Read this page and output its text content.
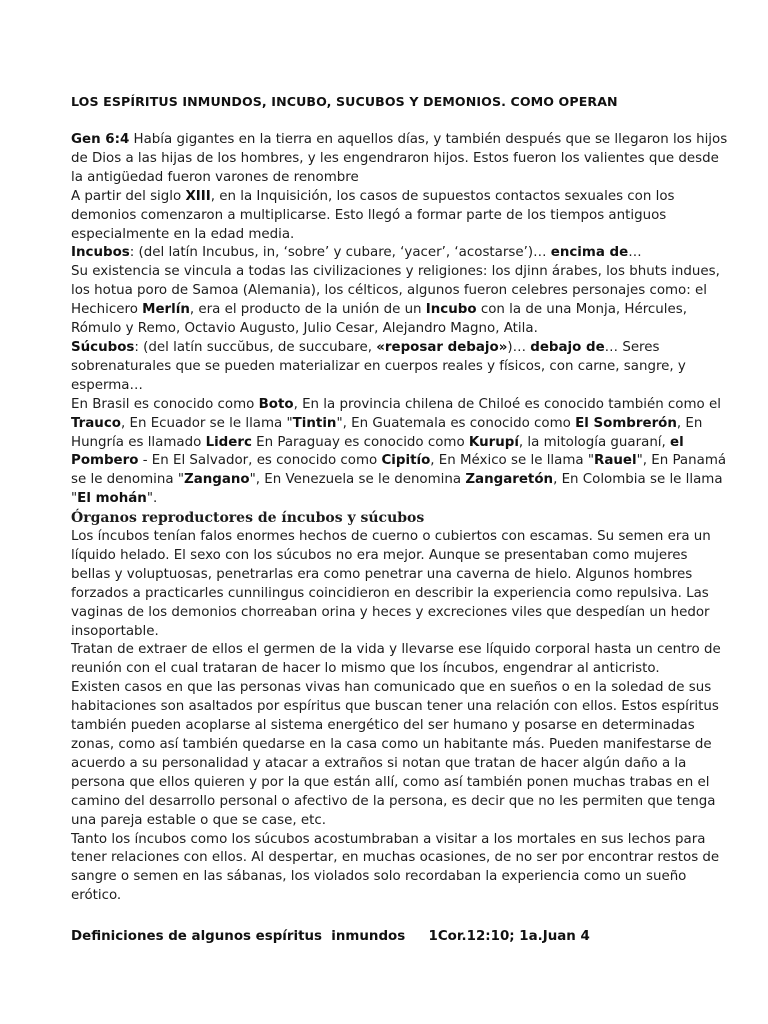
LOS ESPÍRITUS INMUNDOS, INCUBO, SUCUBOS Y DEMONIOS. COMO OPERAN

Gen 6:4 Había gigantes en la tierra en aquellos días, y también después que se llegaron los hijos de Dios a las hijas de los hombres, y les engendraron hijos. Estos fueron los valientes que desde la antigüedad fueron varones de renombre

A partir del siglo XIII, en la Inquisición, los casos de supuestos contactos sexuales con los demonios comenzaron a multiplicarse. Esto llegó a formar parte de los tiempos antiguos especialmente en la edad media.

Incubos: (del latín Incubus, in, ‘sobre’ y cubare, ‘yacer’, ‘acostarse’)… encima de…

Su existencia se vincula a todas las civilizaciones y religiones: los djinn árabes, los bhuts indues, los hotua poro de Samoa (Alemania), los célticos, algunos fueron celebres personajes como: el Hechicero Merlín, era el producto de la unión de un Incubo con la de una Monja, Hércules, Rómulo y Remo, Octavio Augusto, Julio Cesar, Alejandro Magno, Atila.

Súcubos: (del latín succŭbus, de succubare, «reposar debajo»)… debajo de… Seres sobrenaturales que se pueden materializar en cuerpos reales y físicos, con carne, sangre, y esperma…

En Brasil es conocido como Boto, En la provincia chilena de Chiloé es conocido también como el Trauco, En Ecuador se le llama "Tintin", En Guatemala es conocido como El Sombrerón, En Hungría es llamado Liderc En Paraguay es conocido como Kurupí, la mitología guaraní, el Pombero - En El Salvador, es conocido como Cipitío, En México se le llama "Rauel", En Panamá se le denomina "Zangano", En Venezuela se le denomina Zangaretón, En Colombia se le llama "El mohán".

Órganos reproductores de íncubos y súcubos

Los íncubos tenían falos enormes hechos de cuerno o cubiertos con escamas. Su semen era un líquido helado. El sexo con los súcubos no era mejor. Aunque se presentaban como mujeres bellas y voluptuosas, penetrarlas era como penetrar una caverna de hielo. Algunos hombres forzados a practicarles cunnilingus coincidieron en describir la experiencia como repulsiva. Las vaginas de los demonios chorreaban orina y heces y excreciones viles que despedían un hedor insoportable.

Tratan de extraer de ellos el germen de la vida y llevarse ese líquido corporal hasta un centro de reunión con el cual trataran de hacer lo mismo que los íncubos, engendrar al anticristo.

Existen casos en que las personas vivas han comunicado que en sueños o en la soledad de sus habitaciones son asaltados por espíritus que buscan tener una relación con ellos. Estos espíritus también pueden acoplarse al sistema energético del ser humano y posarse en determinadas zonas, como así también quedarse en la casa como un habitante más. Pueden manifestarse de acuerdo a su personalidad y atacar a extraños si notan que tratan de hacer algún daño a la persona que ellos quieren y por la que están allí, como así también ponen muchas trabas en el camino del desarrollo personal o afectivo de la persona, es decir que no les permiten que tenga una pareja estable o que se case, etc.

Tanto los íncubos como los súcubos acostumbraban a visitar a los mortales en sus lechos para tener relaciones con ellos. Al despertar, en muchas ocasiones, de no ser por encontrar restos de sangre o semen en las sábanas, los violados solo recordaban la experiencia como un sueño erótico.

Definiciones de algunos espíritus  inmundos     1Cor.12:10; 1a.Juan 4
